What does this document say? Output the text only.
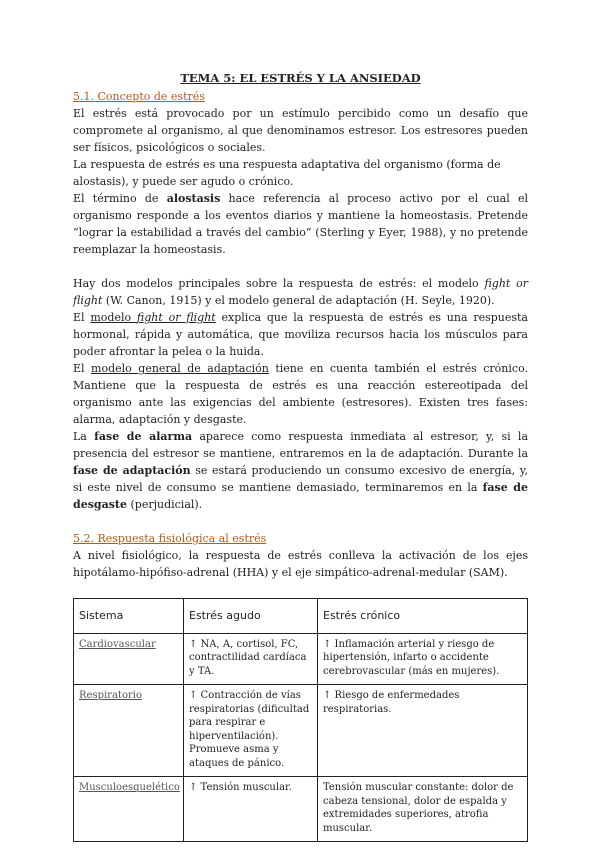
TEMA 5: EL ESTRÉS Y LA ANSIEDAD

5.1. Concepto de estrés

El estrés está provocado por un estímulo percibido como un desafío que compromete al organismo, al que denominamos estresor. Los estresores pueden ser físicos, psicológicos o sociales.

La respuesta de estrés es una respuesta adaptativa del organismo (forma de alostasis), y puede ser agudo o crónico.

El término de alostasis hace referencia al proceso activo por el cual el organismo responde a los eventos diarios y mantiene la homeostasis. Pretende “lograr la estabilidad a través del cambio” (Sterling y Eyer, 1988), y no pretende reemplazar la homeostasis.

Hay dos modelos principales sobre la respuesta de estrés: el modelo fight or flight (W. Canon, 1915) y el modelo general de adaptación (H. Seyle, 1920).

El modelo fight or flight explica que la respuesta de estrés es una respuesta hormonal, rápida y automática, que moviliza recursos hacia los músculos para poder afrontar la pelea o la huida.

El modelo general de adaptación tiene en cuenta también el estrés crónico. Mantiene que la respuesta de estrés es una reacción estereotipada del organismo ante las exigencias del ambiente (estresores). Existen tres fases: alarma, adaptación y desgaste.

La fase de alarma aparece como respuesta inmediata al estresor, y, si la presencia del estresor se mantiene, entraremos en la de adaptación. Durante la fase de adaptación se estará produciendo un consumo excesivo de energía, y, si este nivel de consumo se mantiene demasiado, terminaremos en la fase de desgaste (perjudicial).

5.2. Respuesta fisiológica al estrés

A nivel fisiológico, la respuesta de estrés conlleva la activación de los ejes hipotálamo-hipófiso-adrenal (HHA) y el eje simpático-adrenal-medular (SAM).

Sistema	Estrés agudo	Estrés crónico
Cardiovascular	↑ NA, A, cortisol, FC, contractilidad cardíaca y TA.	↑ Inflamación arterial y riesgo de hipertensión, infarto o accidente cerebrovascular (más en mujeres).
Respiratorio	↑ Contracción de vías respiratorias (dificultad para respirar e hiperventilación). Promueve asma y ataques de pánico.	↑ Riesgo de enfermedades respiratorias.
Musculoesquelético	↑ Tensión muscular.	Tensión muscular constante: dolor de cabeza tensional, dolor de espalda y extremidades superiores, atrofia muscular.
